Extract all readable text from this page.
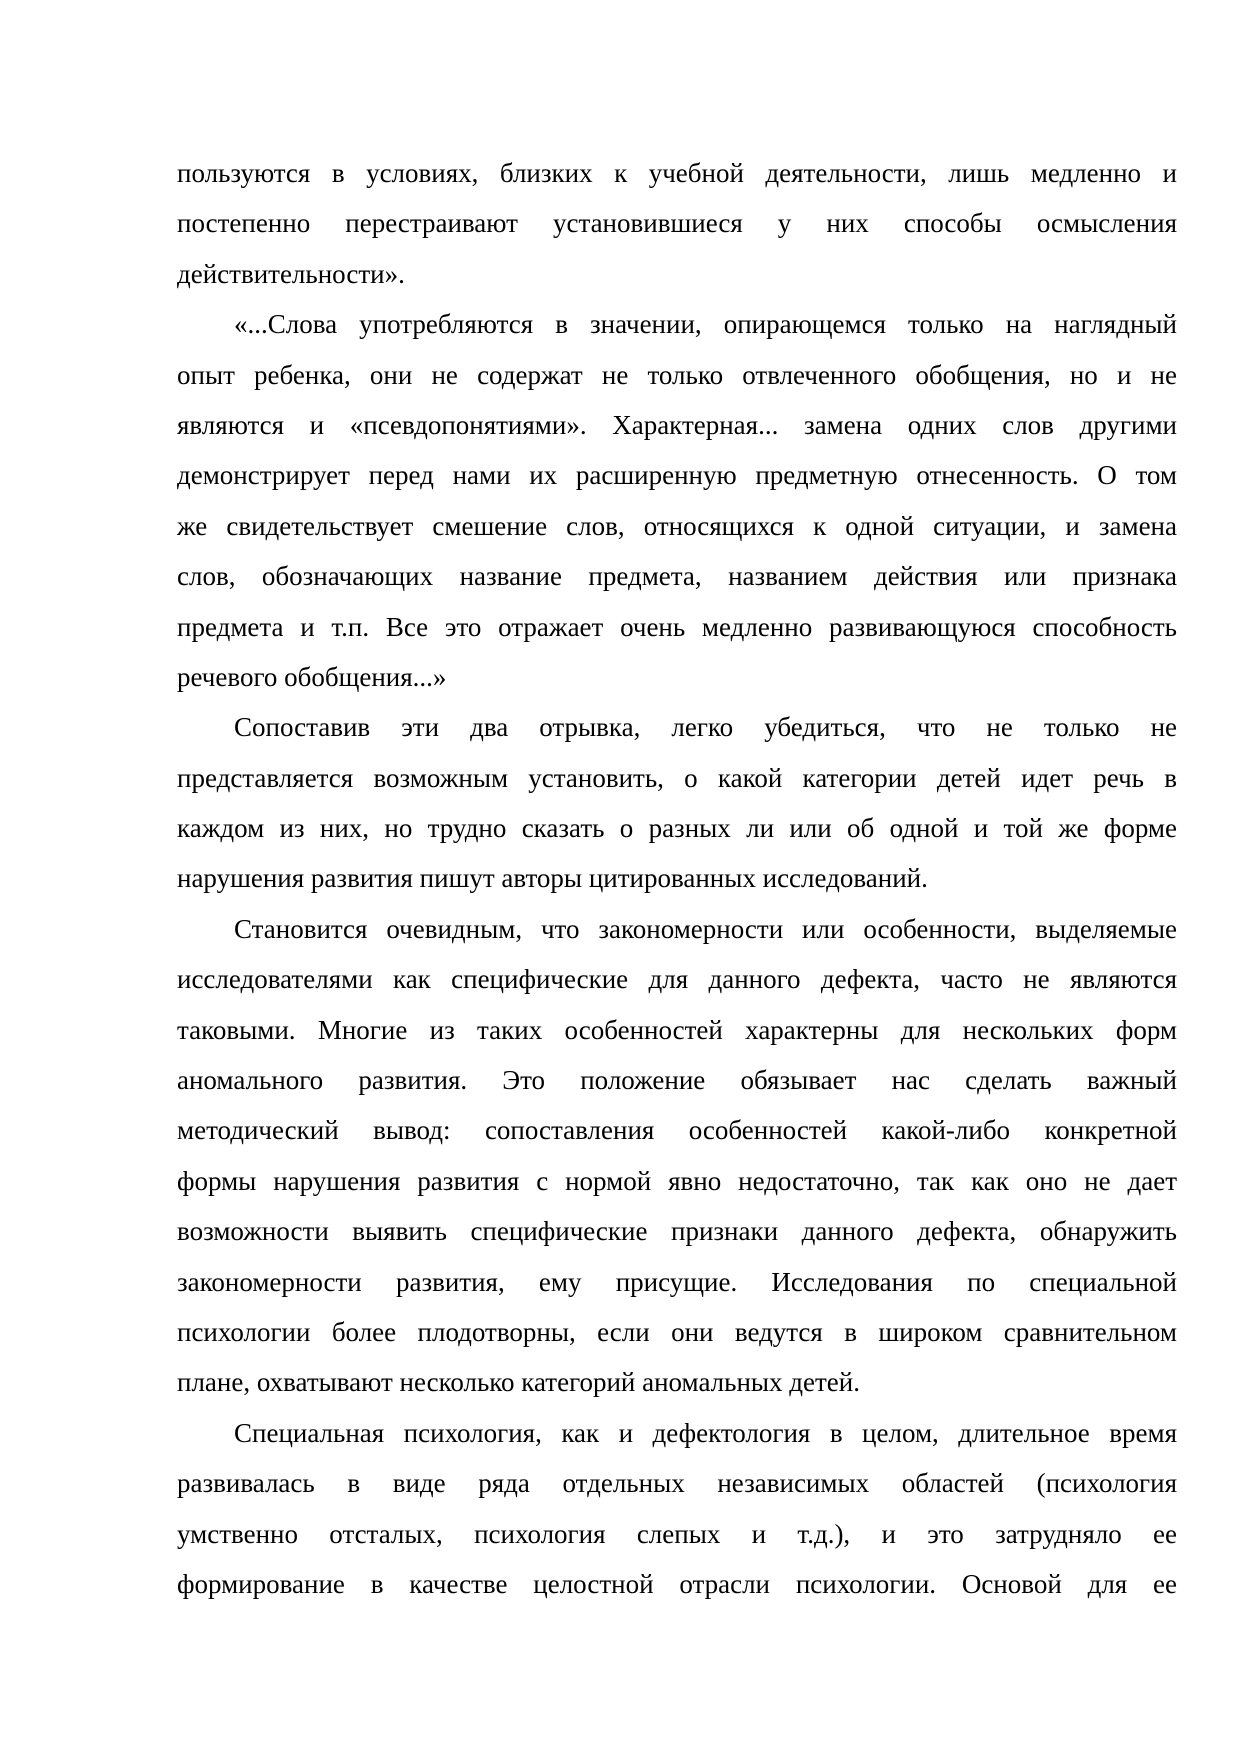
пользуются в условиях, близких к учебной деятельности, лишь медленно и
постепенно перестраивают установившиеся у них способы осмысления
действительности».

«...Слова употребляются в значении, опирающемся только на наглядный
опыт ребенка, они не содержат не только отвлеченного обобщения, но и не
являются и «псевдопонятиями». Характерная... замена одних слов другими
демонстрирует перед нами их расширенную предметную отнесенность. О том
же свидетельствует смешение слов, относящихся к одной ситуации, и замена
слов, обозначающих название предмета, названием действия или признака
предмета и т.п. Все это отражает очень медленно развивающуюся способность
речевого обобщения...»

Сопоставив эти два отрывка, легко убедиться, что не только не
представляется возможным установить, о какой категории детей идет речь в
каждом из них, но трудно сказать о разных ли или об одной и той же форме
нарушения развития пишут авторы цитированных исследований.

Становится очевидным, что закономерности или особенности, выделяемые
исследователями как специфические для данного дефекта, часто не являются
таковыми. Многие из таких особенностей характерны для нескольких форм
аномального развития. Это положение обязывает нас сделать важный
методический вывод: сопоставления особенностей какой-либо конкретной
формы нарушения развития с нормой явно недостаточно, так как оно не дает
возможности выявить специфические признаки данного дефекта, обнаружить
закономерности развития, ему присущие. Исследования по специальной
психологии более плодотворны, если они ведутся в широком сравнительном
плане, охватывают несколько категорий аномальных детей.

Специальная психология, как и дефектология в целом, длительное время
развивалась в виде ряда отдельных независимых областей (психология
умственно отсталых, психология слепых и т.д.), и это затрудняло ее
формирование в качестве целостной отрасли психологии. Основой для ее
